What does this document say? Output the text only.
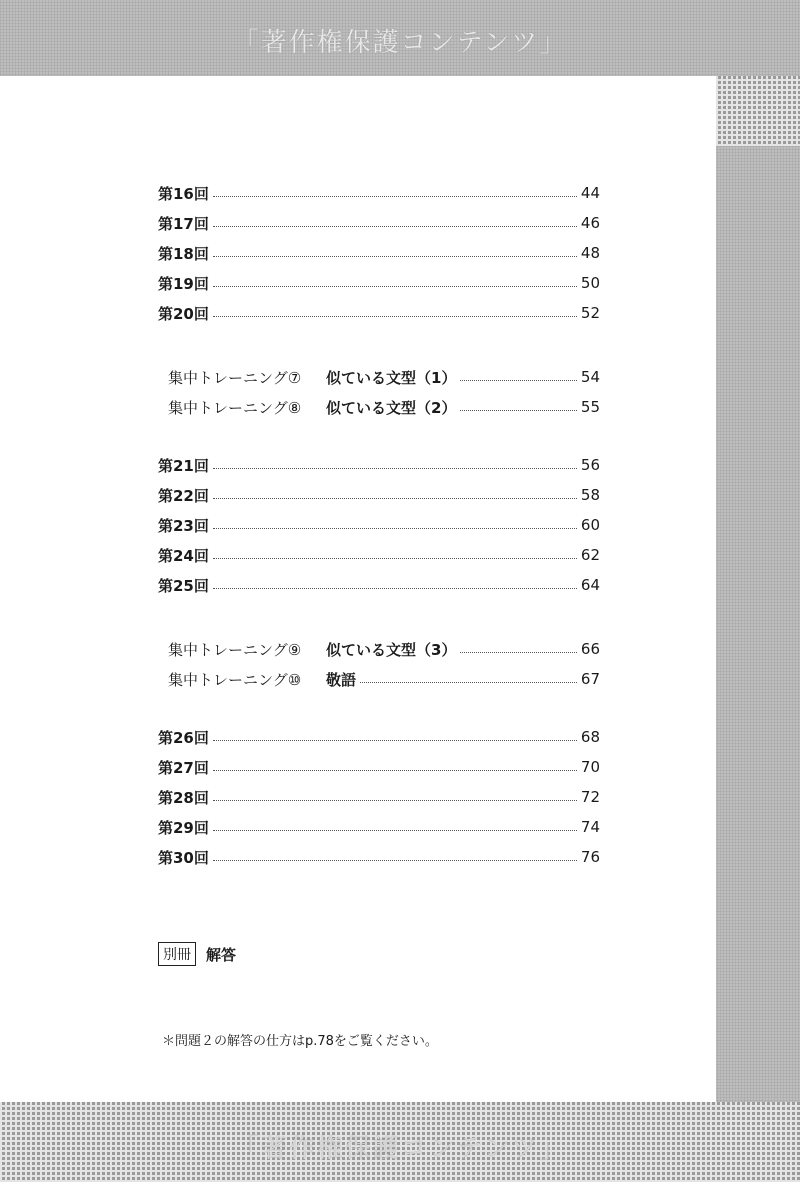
「著作権保護コンテンツ」
「著作権保護コンテンツ」
第16回	44
第17回	46
第18回	48
第19回	50
第20回	52
集中トレーニング⑦	似ている文型（1）	54
集中トレーニング⑧	似ている文型（2）	55
第21回	56
第22回	58
第23回	60
第24回	62
第25回	64
集中トレーニング⑨	似ている文型（3）	66
集中トレーニング⑩	敬語	67
第26回	68
第27回	70
第28回	72
第29回	74
第30回	76
別冊	解答
＊問題２の解答の仕方はp.78をご覧ください。
